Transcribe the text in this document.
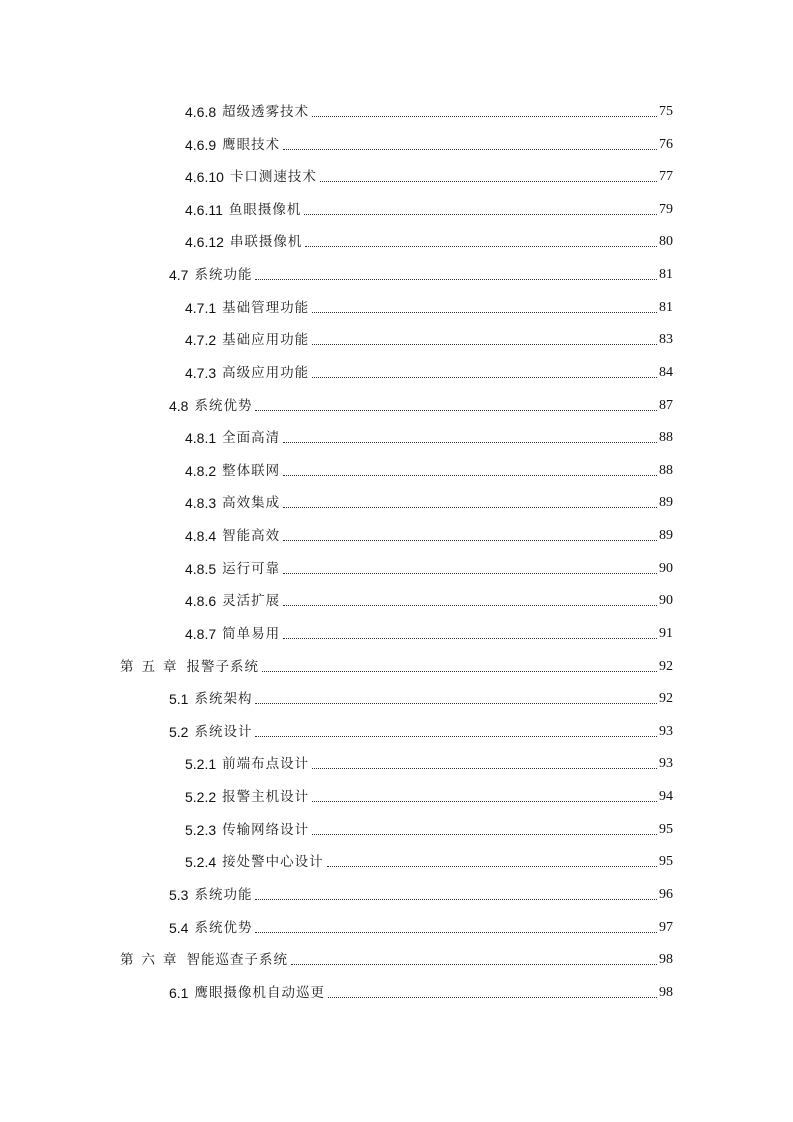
4.6.8 超级透雾技术	75
4.6.9 鹰眼技术	76
4.6.10 卡口测速技术	77
4.6.11 鱼眼摄像机	79
4.6.12 串联摄像机	80
4.7 系统功能	81
4.7.1 基础管理功能	81
4.7.2 基础应用功能	83
4.7.3 高级应用功能	84
4.8 系统优势	87
4.8.1 全面高清	88
4.8.2 整体联网	88
4.8.3 高效集成	89
4.8.4 智能高效	89
4.8.5 运行可靠	90
4.8.6 灵活扩展	90
4.8.7 简单易用	91
第五章 报警子系统	92
5.1 系统架构	92
5.2 系统设计	93
5.2.1 前端布点设计	93
5.2.2 报警主机设计	94
5.2.3 传输网络设计	95
5.2.4 接处警中心设计	95
5.3 系统功能	96
5.4 系统优势	97
第六章 智能巡查子系统	98
6.1 鹰眼摄像机自动巡更	98
